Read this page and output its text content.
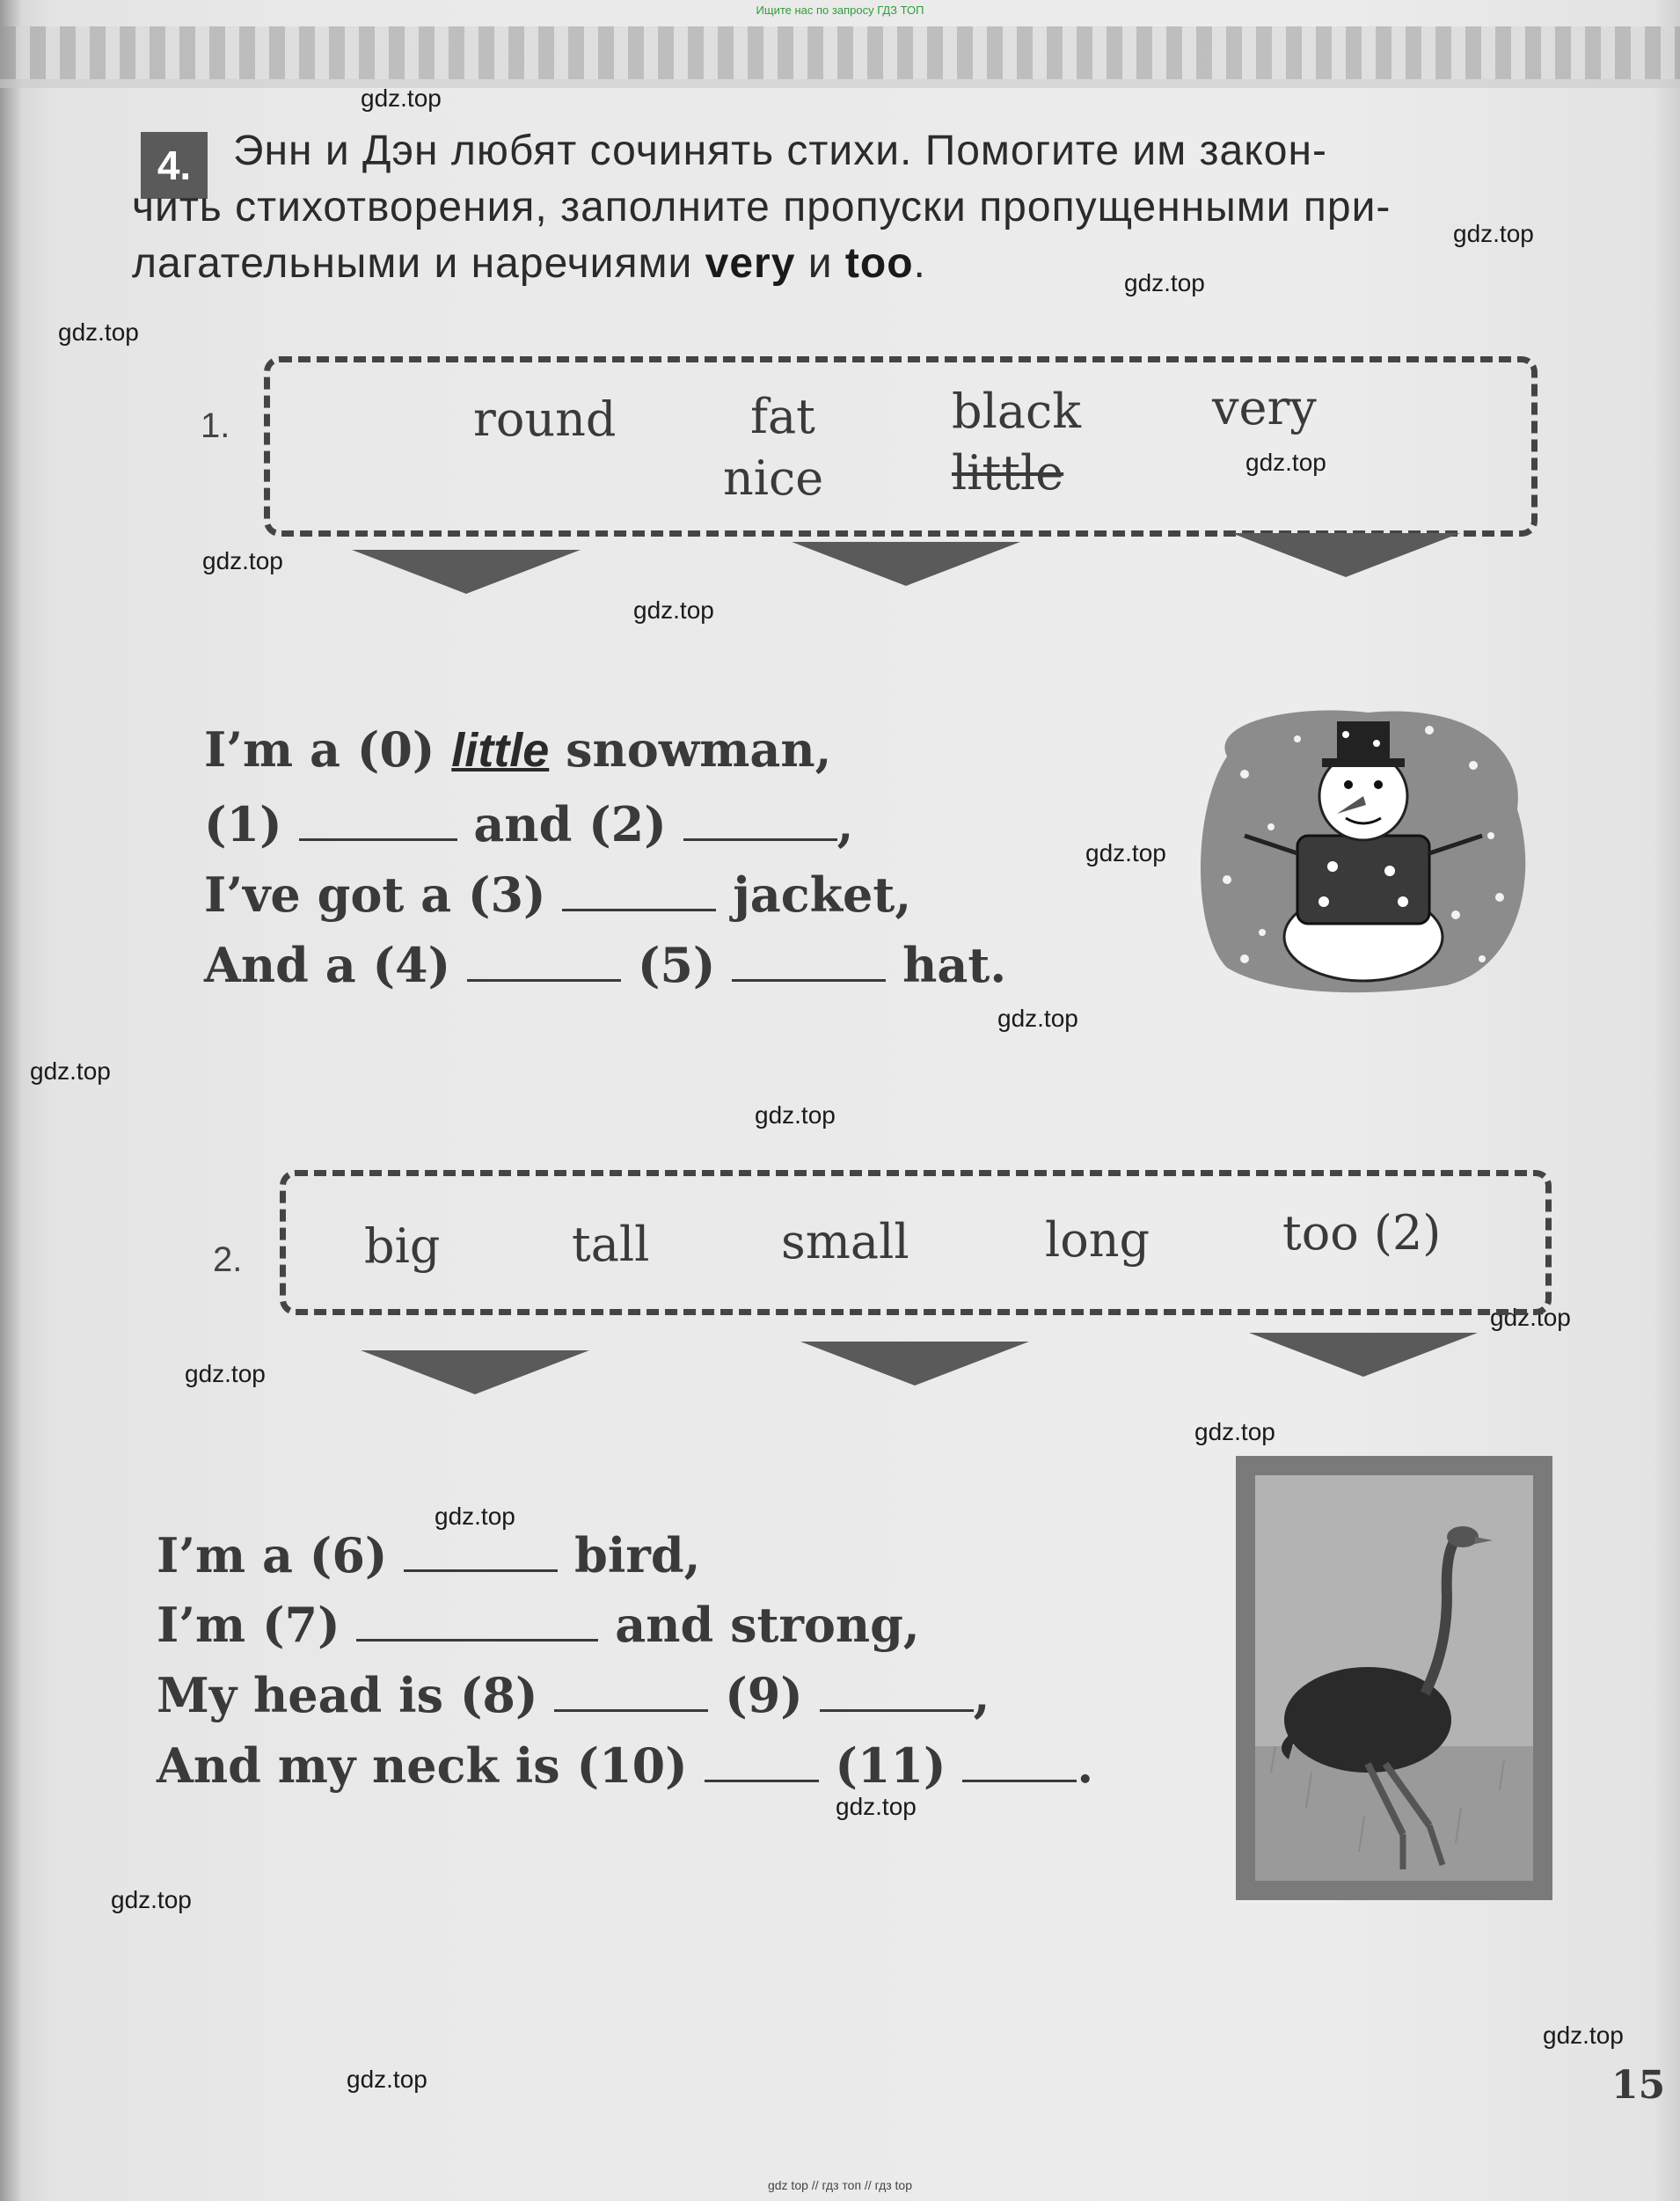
Ищите нас по запросу ГДЗ ТОП
4. Энн и Дэн любят сочинять стихи. Помогите им закон-
чить стихотворения, заполните пропуски пропущенными при-
лагательными и наречиями very и too.
gdz.top
gdz.top
gdz.top
gdz.top
gdz.top
gdz.top
gdz.top
gdz.top
gdz.top
gdz.top
gdz.top
gdz.top
gdz.top
gdz.top
gdz.top
gdz.top
gdz.top
gdz.top
gdz.top
1.	round	fat	black	very
nice	little
I’m a (0) little snowman,
(1)	and (2)	,
I’ve got a (3)	jacket,
And a (4)	(5)	hat.
2.	big	tall	small	long	too (2)
I’m a (6)	bird,
I’m (7)	and strong,
My head is (8)	(9)	,
And my neck is (10)	(11)	.
15
gdz top // гдз топ // гдз top
